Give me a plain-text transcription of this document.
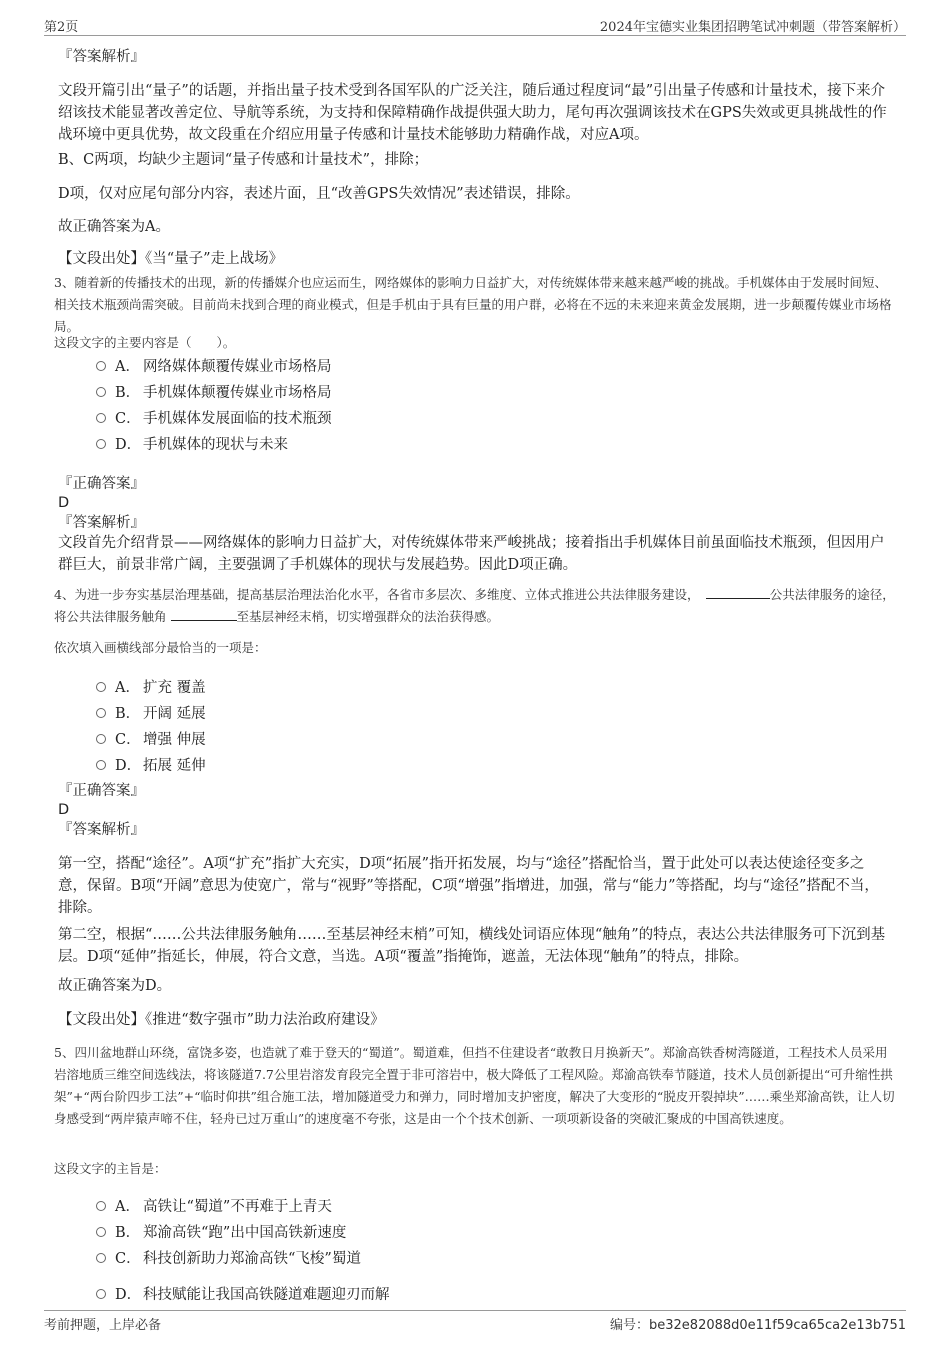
第2页	2024年宝德实业集团招聘笔试冲刺题（带答案解析）
『答案解析』
文段开篇引出“量子”的话题，并指出量子技术受到各国军队的广泛关注，随后通过程度词“最”引出量子传感和计量技术，接下来介绍该技术能显著改善定位、导航等系统，为支持和保障精确作战提供强大助力，尾句再次强调该技术在GPS失效或更具挑战性的作战环境中更具优势，故文段重在介绍应用量子传感和计量技术能够助力精确作战，对应A项。
B、C两项，均缺少主题词“量子传感和计量技术”，排除；
D项，仅对应尾句部分内容，表述片面，且“改善GPS失效情况”表述错误，排除。
故正确答案为A。
【文段出处】《当“量子”走上战场》
3、随着新的传播技术的出现，新的传播媒介也应运而生，网络媒体的影响力日益扩大，对传统媒体带来越来越严峻的挑战。手机媒体由于发展时间短、相关技术瓶颈尚需突破。目前尚未找到合理的商业模式，但是手机由于具有巨量的用户群，必将在不远的未来迎来黄金发展期，进一步颠覆传媒业市场格局。
这段文字的主要内容是（　　）。
A． 网络媒体颠覆传媒业市场格局
B． 手机媒体颠覆传媒业市场格局
C． 手机媒体发展面临的技术瓶颈
D． 手机媒体的现状与未来
『正确答案』
D
『答案解析』
文段首先介绍背景——网络媒体的影响力日益扩大，对传统媒体带来严峻挑战；接着指出手机媒体目前虽面临技术瓶颈，但因用户群巨大，前景非常广阔，主要强调了手机媒体的现状与发展趋势。因此D项正确。
4、为进一步夯实基层治理基础，提高基层治理法治化水平，各省市多层次、多维度、立体式推进公共法律服务建设，　	公共法律服务的途径，将公共法律服务触角	至基层神经末梢，切实增强群众的法治获得感。
依次填入画横线部分最恰当的一项是：
A． 扩充 覆盖
B． 开阔 延展
C． 增强 伸展
D． 拓展 延伸
『正确答案』
D
『答案解析』
第一空，搭配“途径”。A项“扩充”指扩大充实，D项“拓展”指开拓发展，均与“途径”搭配恰当，置于此处可以表达使途径变多之意，保留。B项“开阔”意思为使宽广，常与“视野”等搭配，C项“增强”指增进，加强，常与“能力”等搭配，均与“途径”搭配不当，排除。
第二空，根据“……公共法律服务触角……至基层神经末梢”可知，横线处词语应体现“触角”的特点，表达公共法律服务可下沉到基层。D项“延伸”指延长，伸展，符合文意，当选。A项“覆盖”指掩饰，遮盖，无法体现“触角”的特点，排除。
故正确答案为D。
【文段出处】《推进“数字强市”助力法治政府建设》
5、四川盆地群山环绕，富饶多姿，也造就了难于登天的“蜀道”。蜀道难，但挡不住建设者“敢教日月换新天”。郑渝高铁香树湾隧道，工程技术人员采用岩溶地质三维空间选线法，将该隧道7.7公里岩溶发育段完全置于非可溶岩中，极大降低了工程风险。郑渝高铁奉节隧道，技术人员创新提出“可升缩性拱架”+“两台阶四步工法”+“临时仰拱”组合施工法，增加隧道受力和弹力，同时增加支护密度，解决了大变形的“脱皮开裂掉块”……乘坐郑渝高铁，让人切身感受到“两岸猿声啼不住，轻舟已过万重山”的速度毫不夸张，这是由一个个技术创新、一项项新设备的突破汇聚成的中国高铁速度。
这段文字的主旨是：
A． 高铁让“蜀道”不再难于上青天
B． 郑渝高铁“跑”出中国高铁新速度
C． 科技创新助力郑渝高铁“飞梭”蜀道
D． 科技赋能让我国高铁隧道难题迎刃而解
考前押题，上岸必备	编号：be32e82088d0e11f59ca65ca2e13b751
